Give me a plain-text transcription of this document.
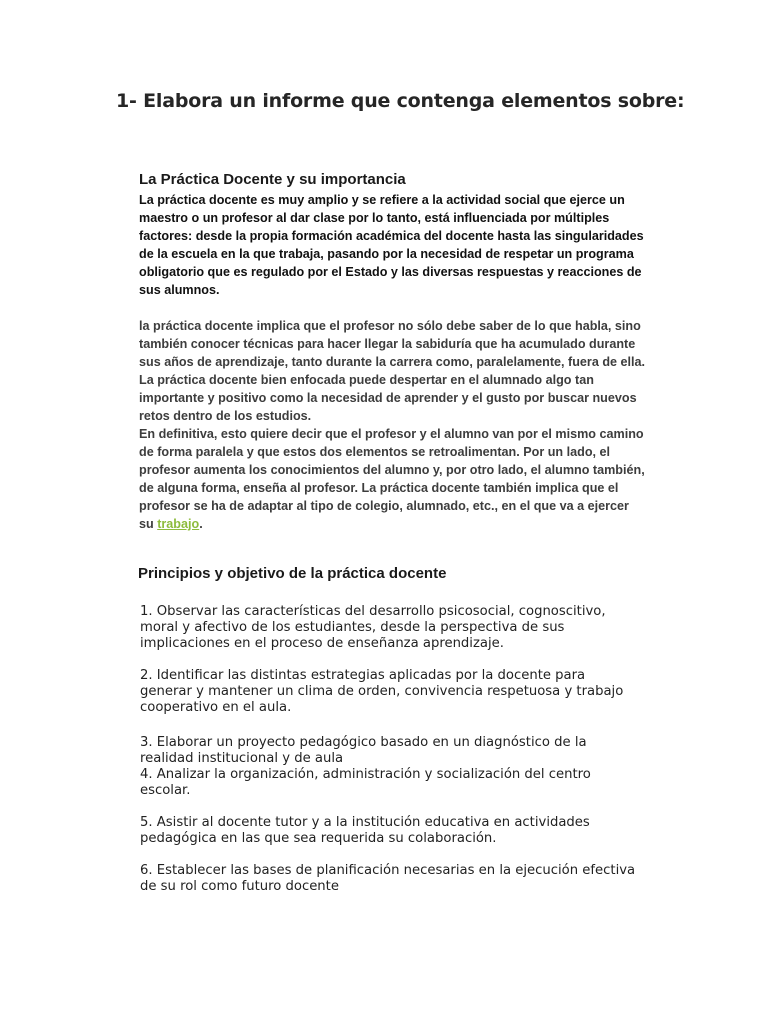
1- Elabora un informe que contenga elementos sobre:
La Práctica Docente y su importancia
La práctica docente es muy amplio y se refiere a la actividad social que ejerce un
maestro o un profesor al dar clase por lo tanto, está influenciada por múltiples
factores: desde la propia formación académica del docente hasta las singularidades
de la escuela en la que trabaja, pasando por la necesidad de respetar un programa
obligatorio que es regulado por el Estado y las diversas respuestas y reacciones de
sus alumnos.
la práctica docente implica que el profesor no sólo debe saber de lo que habla, sino
también conocer técnicas para hacer llegar la sabiduría que ha acumulado durante
sus años de aprendizaje, tanto durante la carrera como, paralelamente, fuera de ella.
La práctica docente bien enfocada puede despertar en el alumnado algo tan
importante y positivo como la necesidad de aprender y el gusto por buscar nuevos
retos dentro de los estudios.
En definitiva, esto quiere decir que el profesor y el alumno van por el mismo camino
de forma paralela y que estos dos elementos se retroalimentan. Por un lado, el
profesor aumenta los conocimientos del alumno y, por otro lado, el alumno también,
de alguna forma, enseña al profesor. La práctica docente también implica que el
profesor se ha de adaptar al tipo de colegio, alumnado, etc., en el que va a ejercer
su trabajo.
Principios y objetivo de la práctica docente
1. Observar las características del desarrollo psicosocial, cognoscitivo,
moral y afectivo de los estudiantes, desde la perspectiva de sus
implicaciones en el proceso de enseñanza aprendizaje.
2. Identificar las distintas estrategias aplicadas por la docente para
generar y mantener un clima de orden, convivencia respetuosa y trabajo
cooperativo en el aula.
3. Elaborar un proyecto pedagógico basado en un diagnóstico de la
realidad institucional y de aula
4. Analizar la organización, administración y socialización del centro
escolar.
5. Asistir al docente tutor y a la institución educativa en actividades
pedagógica en las que sea requerida su colaboración.
6. Establecer las bases de planificación necesarias en la ejecución efectiva
de su rol como futuro docente
